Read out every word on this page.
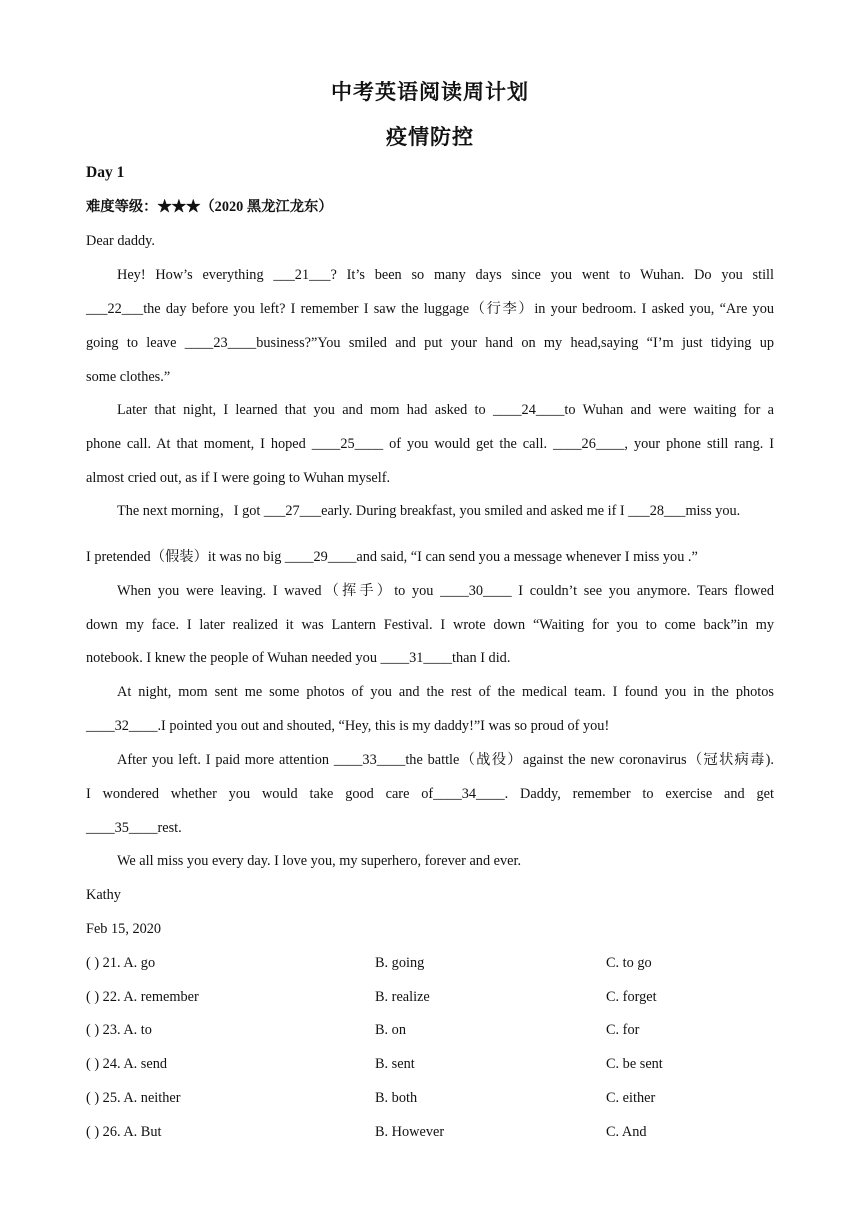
中考英语阅读周计划
疫情防控
Day 1
难度等级：★★★（2020 黑龙江龙东）
Dear daddy.
Hey! How’s everything ___21___? It’s been so many days since you went to Wuhan. Do you still
___22___the day before you left? I remember I saw the luggage（行李）in your bedroom. I asked you, “Are you
going to leave ____23____business?”You smiled and put your hand on my head,saying “I’m just tidying up
some clothes.”
Later that night, I learned that you and mom had asked to ____24____to Wuhan and were waiting for a
phone call. At that moment, I hoped ____25____ of you would get the call. ____26____, your phone still rang. I
almost cried out, as if I were going to Wuhan myself.
The next morning，I got ___27___early. During breakfast, you smiled and asked me if I ___28___miss you.
I pretended（假装）it was no big ____29____and said, “I can send you a message whenever I miss you .”
When you were leaving. I waved（挥手）to you ____30____ I couldn’t see you anymore. Tears flowed
down my face. I later realized it was Lantern Festival. I wrote down “Waiting for you to come back”in my
notebook. I knew the people of Wuhan needed you ____31____than I did.
At night, mom sent me some photos of you and the rest of the medical team. I found you in the photos
____32____.I pointed you out and shouted, “Hey, this is my daddy!”I was so proud of you!
After you left. I paid more attention ____33____the battle（战役）against the new coronavirus（冠状病毒).
I wondered whether you would take good care of____34____. Daddy, remember to exercise and get
____35____rest.
We all miss you every day. I love you, my superhero, forever and ever.
Kathy
Feb 15, 2020
( ) 21. A. go	B. going	C. to go
( ) 22. A. remember	B. realize	C. forget
( ) 23. A. to	B. on	C. for
( ) 24. A. send	B. sent	C. be sent
( ) 25. A. neither	B. both	C. either
( ) 26. A. But	B. However	C. And
